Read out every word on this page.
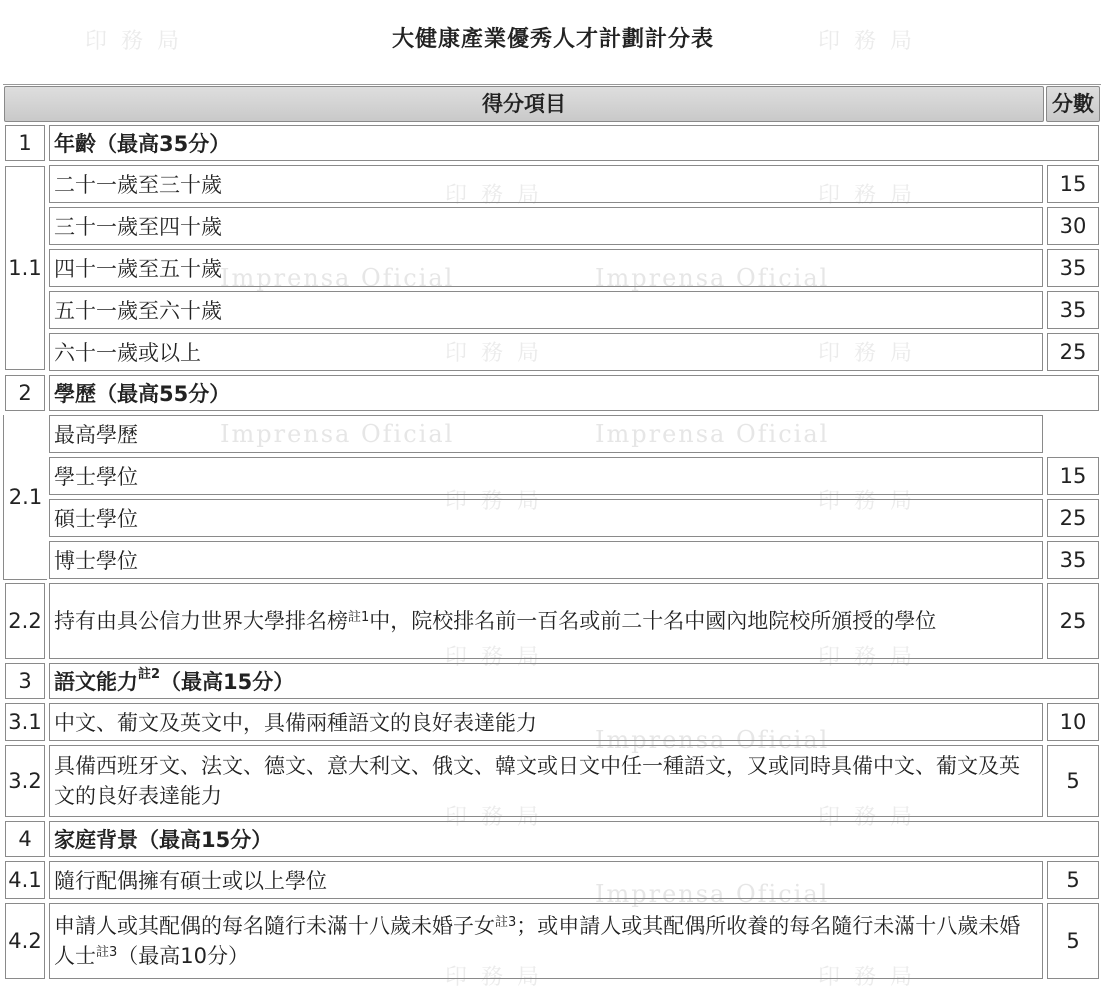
印務局	印務局
印務局	印務局
Imprensa Oficial	Imprensa Oficial
印務局	印務局
Imprensa Oficial	Imprensa Oficial
印務局	印務局
印務局	印務局
Imprensa Oficial
印務局	印務局
Imprensa Oficial
印務局	印務局
大健康產業優秀人才計劃計分表
得分項目		分數

1	年齡（最高35分）	

1.1	二十一歲至三十歲	15

三十一歲至四十歲	30

四十一歲至五十歲	35

五十一歲至六十歲	35

六十一歲或以上	25

2	學歷（最高55分）	

2.1	最高學歷	

學士學位	15

碩士學位	25

博士學位	35

2.2	持有由具公信力世界大學排名榜$^{註1}$中，院校排名前一百名或前二十名中國內地院校所頒授的學位	25

3	語文能力$^{註2}$（最高15分）	

3.1	中文、葡文及英文中，具備兩種語文的良好表達能力	10

3.2	具備西班牙文、法文、德文、意大利文、俄文、韓文或日文中任一種語文，又或同時具備中文、葡文及英文的良好表達能力	5

4	家庭背景（最高15分）	

4.1	隨行配偶擁有碩士或以上學位	5

4.2	申請人或其配偶的每名隨行未滿十八歲未婚子女$^{註3}$；或申請人或其配偶所收養的每名隨行未滿十八歲未婚人士$^{註3}$（最高10分）	5
